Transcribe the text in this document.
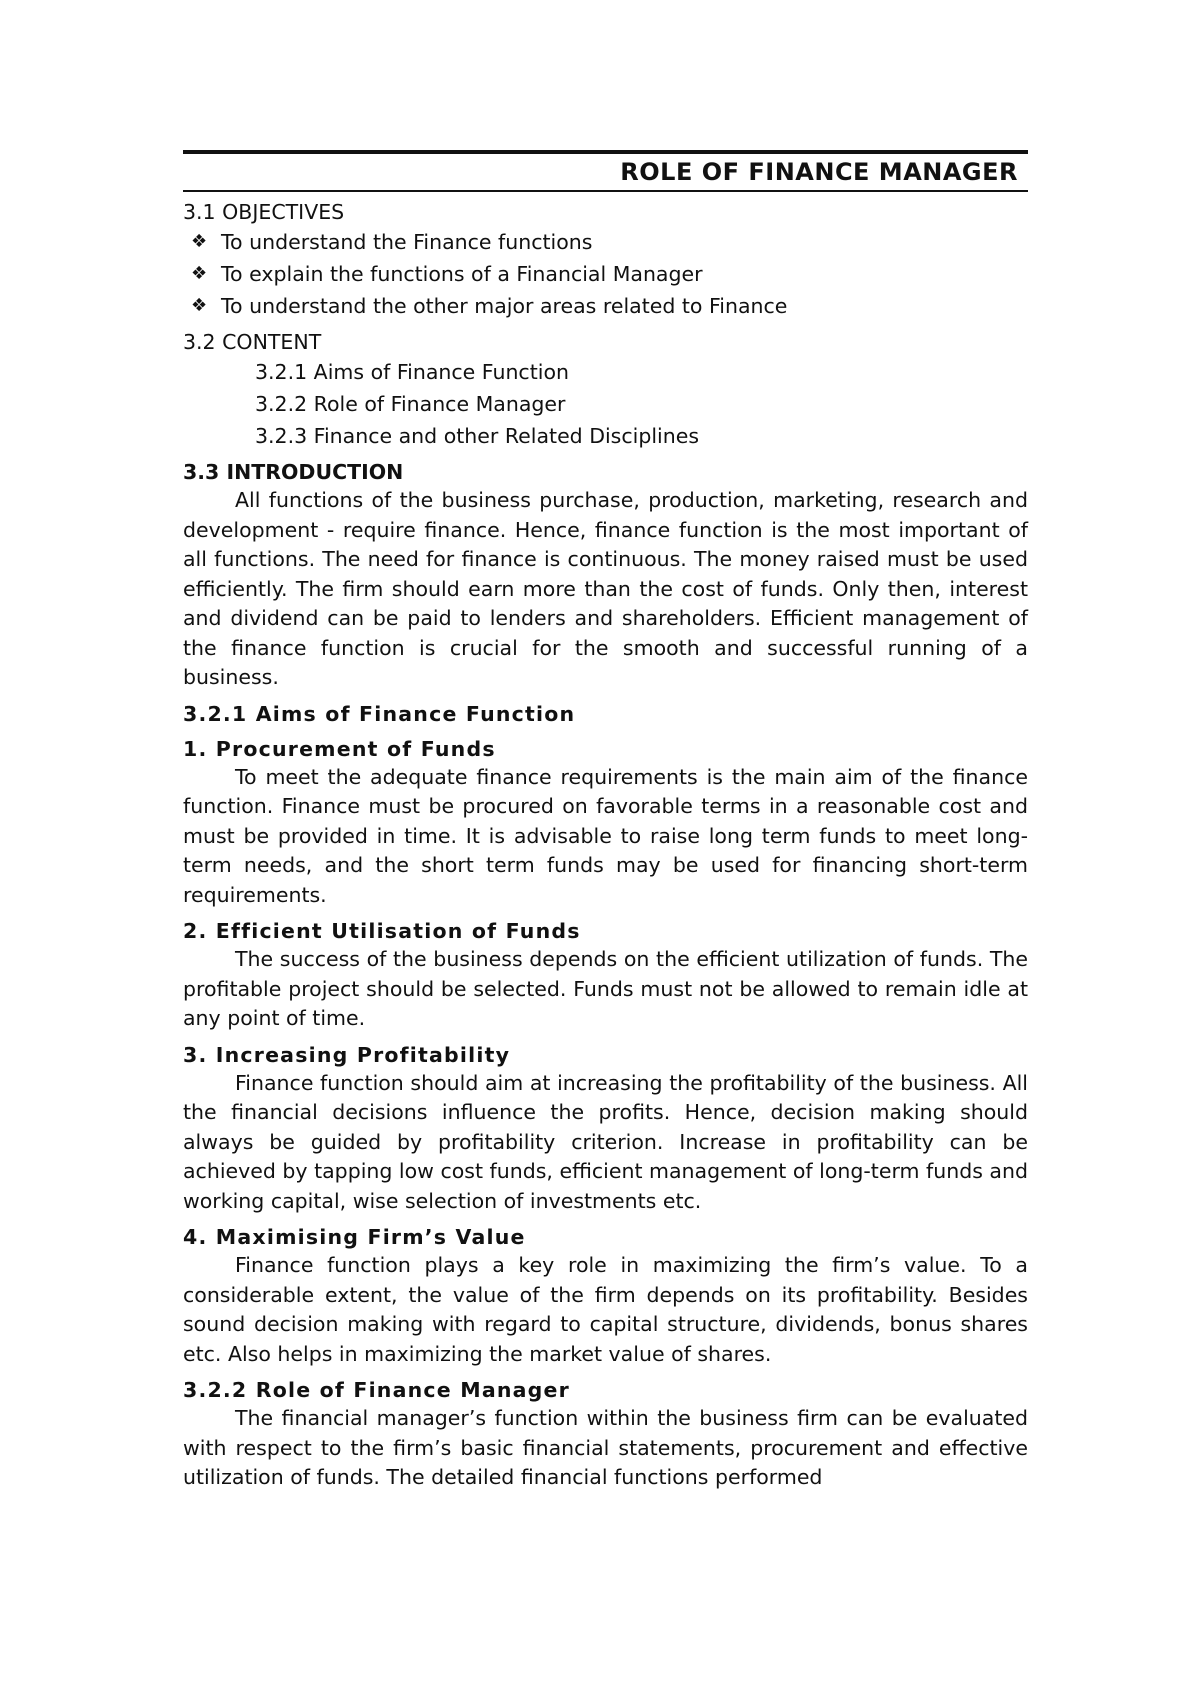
ROLE OF FINANCE MANAGER
3.1 OBJECTIVES
❖ To understand the Finance functions
❖ To explain the functions of a Financial Manager
❖ To understand the other major areas related to Finance
3.2 CONTENT
3.2.1 Aims of Finance Function
3.2.2 Role of Finance Manager
3.2.3 Finance and other Related Disciplines
3.3 INTRODUCTION

All functions of the business purchase, production, marketing, research and development - require finance. Hence, finance function is the most important of all functions. The need for finance is continuous. The money raised must be used efficiently. The firm should earn more than the cost of funds. Only then, interest and dividend can be paid to lenders and shareholders. Efficient management of the finance function is crucial for the smooth and successful running of a business.

3.2.1 Aims of Finance Function
1. Procurement of Funds

To meet the adequate finance requirements is the main aim of the finance function. Finance must be procured on favorable terms in a reasonable cost and must be provided in time. It is advisable to raise long term funds to meet long-term needs, and the short term funds may be used for financing short-term requirements.

2. Efficient Utilisation of Funds

The success of the business depends on the efficient utilization of funds. The profitable project should be selected. Funds must not be allowed to remain idle at any point of time.

3. Increasing Profitability

Finance function should aim at increasing the profitability of the business. All the financial decisions influence the profits. Hence, decision making should always be guided by profitability criterion. Increase in profitability can be achieved by tapping low cost funds, efficient management of long-term funds and working capital, wise selection of investments etc.

4. Maximising Firm’s Value

Finance function plays a key role in maximizing the firm’s value. To a considerable extent, the value of the firm depends on its profitability. Besides sound decision making with regard to capital structure, dividends, bonus shares etc. Also helps in maximizing the market value of shares.

3.2.2 Role of Finance Manager

The financial manager’s function within the business firm can be evaluated with respect to the firm’s basic financial statements, procurement and effective utilization of funds. The detailed financial functions performed
